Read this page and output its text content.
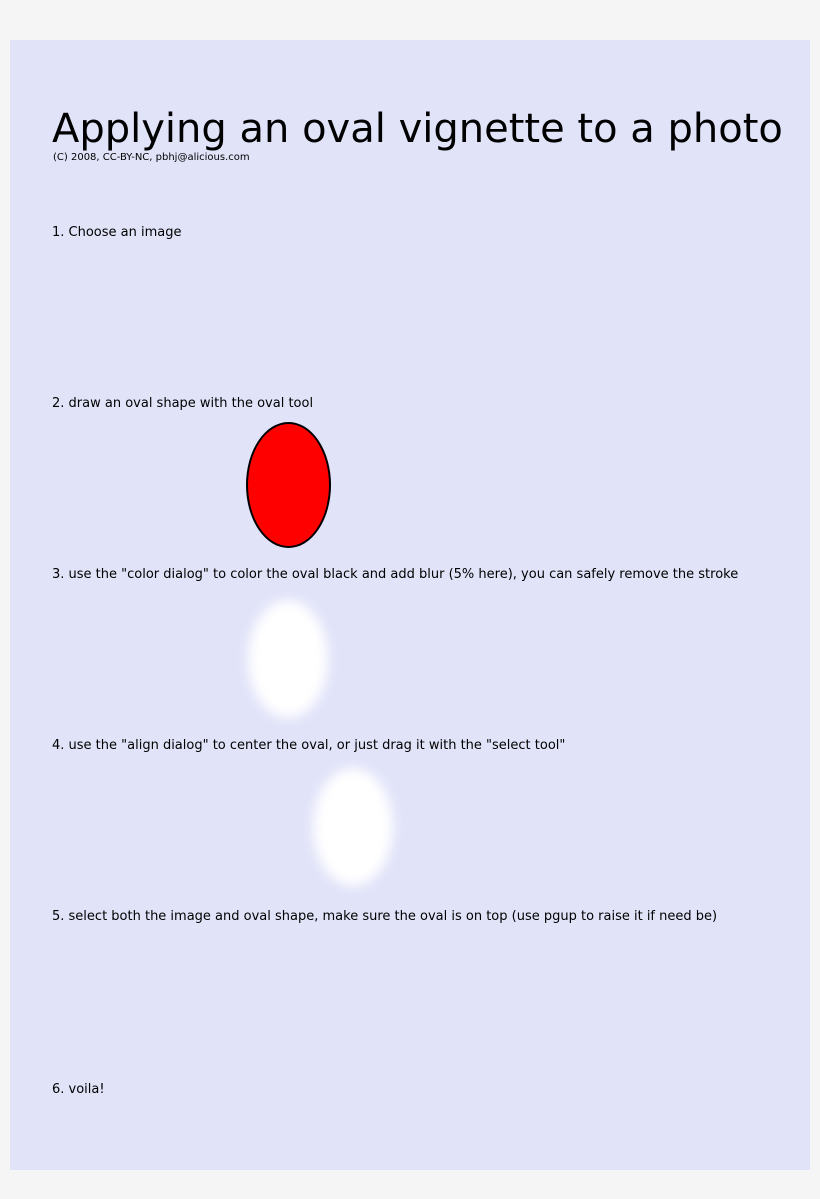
Applying an oval vignette to a photo
(C) 2008, CC-BY-NC, pbhj@alicious.com
1. Choose an image
2. draw an oval shape with the oval tool
3. use the "color dialog" to color the oval black and add blur (5% here), you can safely remove the stroke
4. use the "align dialog" to center the oval, or just drag it with the "select tool"
5. select both the image and oval shape, make sure the oval is on top (use pgup to raise it if need be)
6. voila!
